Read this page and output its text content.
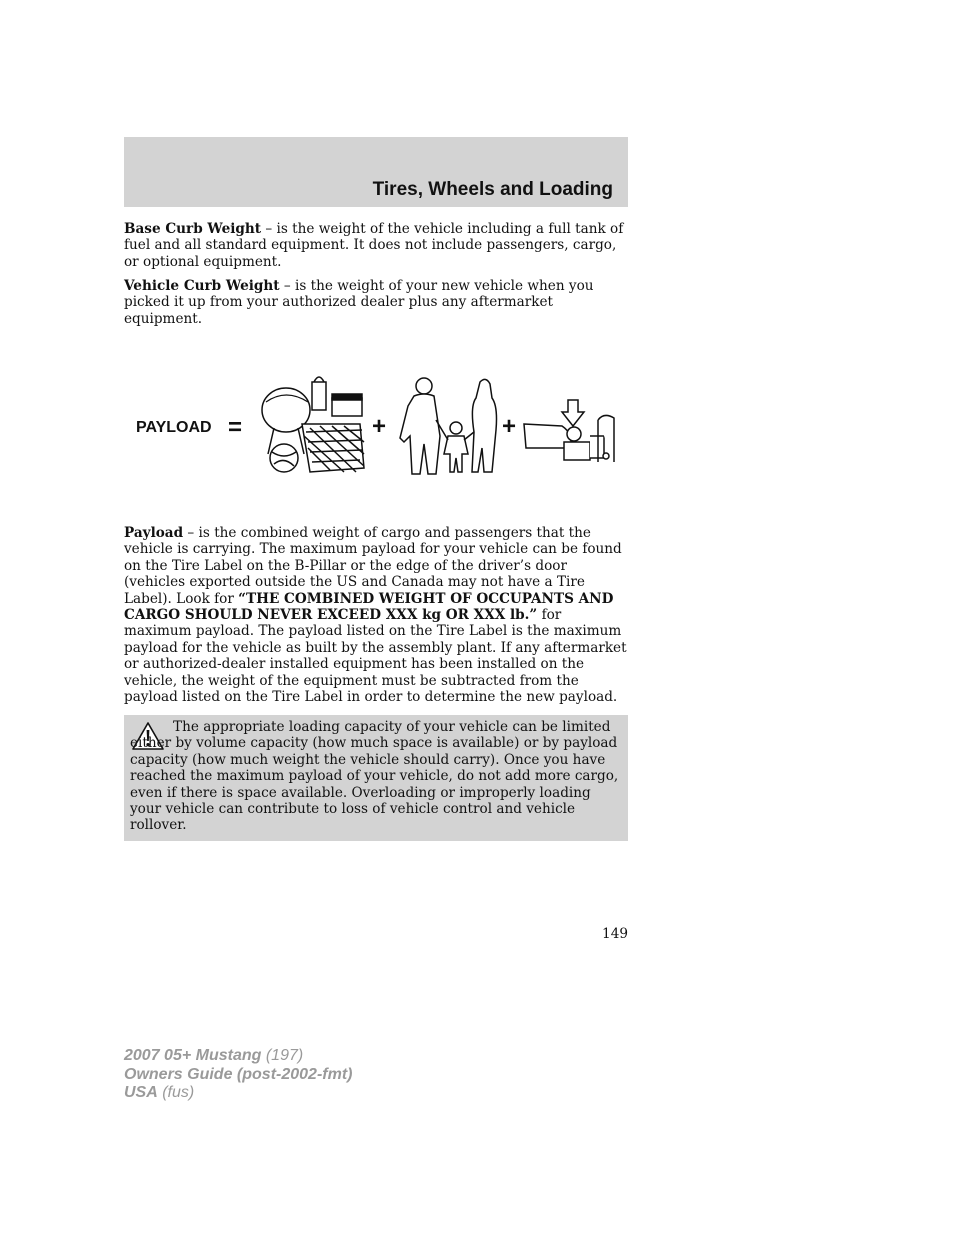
Tires, Wheels and Loading
Base Curb Weight – is the weight of the vehicle including a full tank of fuel and all standard equipment. It does not include passengers, cargo, or optional equipment.
Vehicle Curb Weight – is the weight of your new vehicle when you picked it up from your authorized dealer plus any aftermarket equipment.
PAYLOAD =	+	+
Payload – is the combined weight of cargo and passengers that the vehicle is carrying. The maximum payload for your vehicle can be found on the Tire Label on the B-Pillar or the edge of the driver’s door (vehicles exported outside the US and Canada may not have a Tire Label). Look for “THE COMBINED WEIGHT OF OCCUPANTS AND CARGO SHOULD NEVER EXCEED XXX kg OR XXX lb.” for maximum payload. The payload listed on the Tire Label is the maximum payload for the vehicle as built by the assembly plant. If any aftermarket or authorized-dealer installed equipment has been installed on the vehicle, the weight of the equipment must be subtracted from the payload listed on the Tire Label in order to determine the new payload.
The appropriate loading capacity of your vehicle can be limited either by volume capacity (how much space is available) or by payload capacity (how much weight the vehicle should carry). Once you have reached the maximum payload of your vehicle, do not add more cargo, even if there is space available. Overloading or improperly loading your vehicle can contribute to loss of vehicle control and vehicle rollover.
149
2007 05+ Mustang (197)
Owners Guide (post-2002-fmt)
USA (fus)
